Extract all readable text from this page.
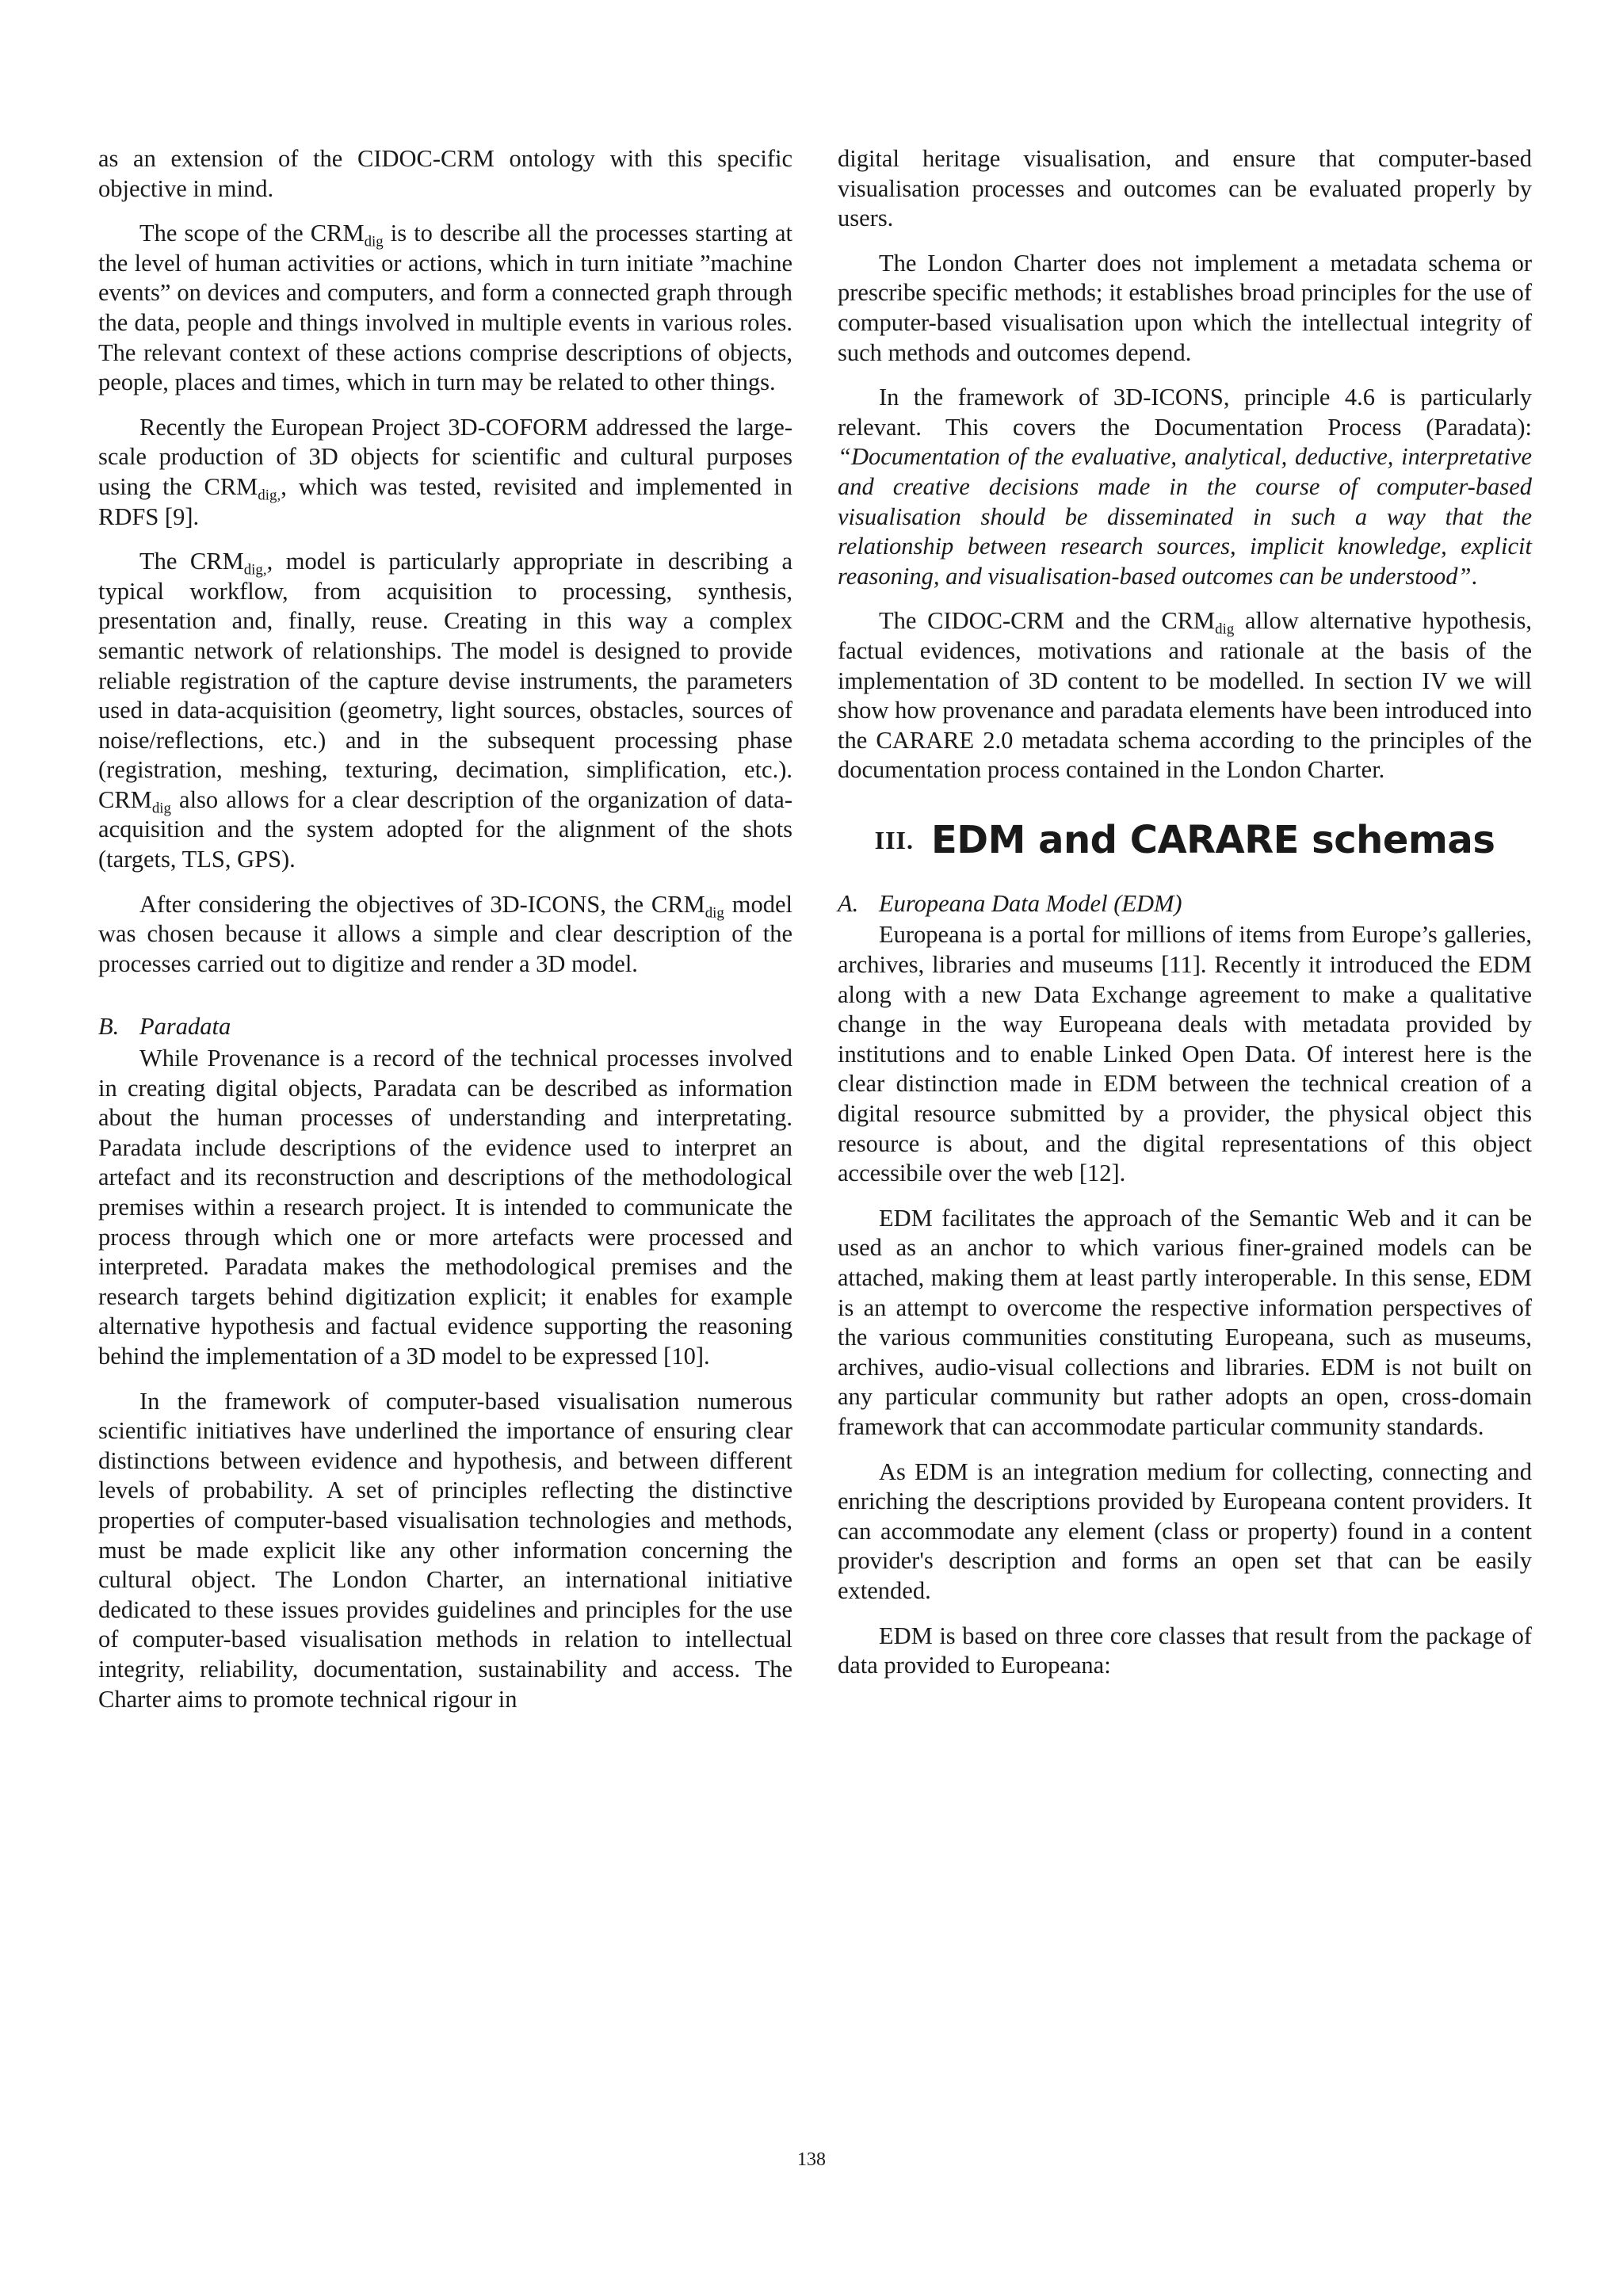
as an extension of the CIDOC-CRM ontology with this specific objective in mind.

The scope of the $CRM_{dig}$ is to describe all the processes starting at the level of human activities or actions, which in turn initiate ”machine events” on devices and computers, and form a connected graph through the data, people and things involved in multiple events in various roles. The relevant context of these actions comprise descriptions of objects, people, places and times, which in turn may be related to other things.

Recently the European Project 3D-COFORM addressed the large-scale production of 3D objects for scientific and cultural purposes using the $CRM_{dig,}$, which was tested, revisited and implemented in RDFS [9].

The $CRM_{dig,}$, model is particularly appropriate in describing a typical workflow, from acquisition to processing, synthesis, presentation and, finally, reuse. Creating in this way a complex semantic network of relationships. The model is designed to provide reliable registration of the capture devise instruments, the parameters used in data-acquisition (geometry, light sources, obstacles, sources of noise/reflections, etc.) and in the subsequent processing phase (registration, meshing, texturing, decimation, simplification, etc.). $CRM_{dig}$ also allows for a clear description of the organization of data-acquisition and the system adopted for the alignment of the shots (targets, TLS, GPS).

After considering the objectives of 3D-ICONS, the $CRM_{dig}$ model was chosen because it allows a simple and clear description of the processes carried out to digitize and render a 3D model.

B. Paradata

While Provenance is a record of the technical processes involved in creating digital objects, Paradata can be described as information about the human processes of understanding and interpretating. Paradata include descriptions of the evidence used to interpret an artefact and its reconstruction and descriptions of the methodological premises within a research project. It is intended to communicate the process through which one or more artefacts were processed and interpreted. Paradata makes the methodological premises and the research targets behind digitization explicit; it enables for example alternative hypothesis and factual evidence supporting the reasoning behind the implementation of a 3D model to be expressed [10].

In the framework of computer-based visualisation numerous scientific initiatives have underlined the importance of ensuring clear distinctions between evidence and hypothesis, and between different levels of probability. A set of principles reflecting the distinctive properties of computer-based visualisation technologies and methods, must be made explicit like any other information concerning the cultural object. The London Charter, an international initiative dedicated to these issues provides guidelines and principles for the use of computer-based visualisation methods in relation to intellectual integrity, reliability, documentation, sustainability and access. The Charter aims to promote technical rigour in

digital heritage visualisation, and ensure that computer-based visualisation processes and outcomes can be evaluated properly by users.

The London Charter does not implement a metadata schema or prescribe specific methods; it establishes broad principles for the use of computer-based visualisation upon which the intellectual integrity of such methods and outcomes depend.

In the framework of 3D-ICONS, principle 4.6 is particularly relevant. This covers the Documentation Process (Paradata): “Documentation of the evaluative, analytical, deductive, interpretative and creative decisions made in the course of computer-based visualisation should be disseminated in such a way that the relationship between research sources, implicit knowledge, explicit reasoning, and visualisation-based outcomes can be understood”.

The CIDOC-CRM and the $CRM_{dig}$ allow alternative hypothesis, factual evidences, motivations and rationale at the basis of the implementation of 3D content to be modelled. In section IV we will show how provenance and paradata elements have been introduced into the CARARE 2.0 metadata schema according to the principles of the documentation process contained in the London Charter.

III. EDM and CARARE schemas
A. Europeana Data Model (EDM)

Europeana is a portal for millions of items from Europe’s galleries, archives, libraries and museums [11]. Recently it introduced the EDM along with a new Data Exchange agreement to make a qualitative change in the way Europeana deals with metadata provided by institutions and to enable Linked Open Data. Of interest here is the clear distinction made in EDM between the technical creation of a digital resource submitted by a provider, the physical object this resource is about, and the digital representations of this object accessibile over the web [12].

EDM facilitates the approach of the Semantic Web and it can be used as an anchor to which various finer-grained models can be attached, making them at least partly interoperable. In this sense, EDM is an attempt to overcome the respective information perspectives of the various communities constituting Europeana, such as museums, archives, audio-visual collections and libraries. EDM is not built on any particular community but rather adopts an open, cross-domain framework that can accommodate particular community standards.

As EDM is an integration medium for collecting, connecting and enriching the descriptions provided by Europeana content providers. It can accommodate any element (class or property) found in a content provider's description and forms an open set that can be easily extended.

EDM is based on three core classes that result from the package of data provided to Europeana:

138
